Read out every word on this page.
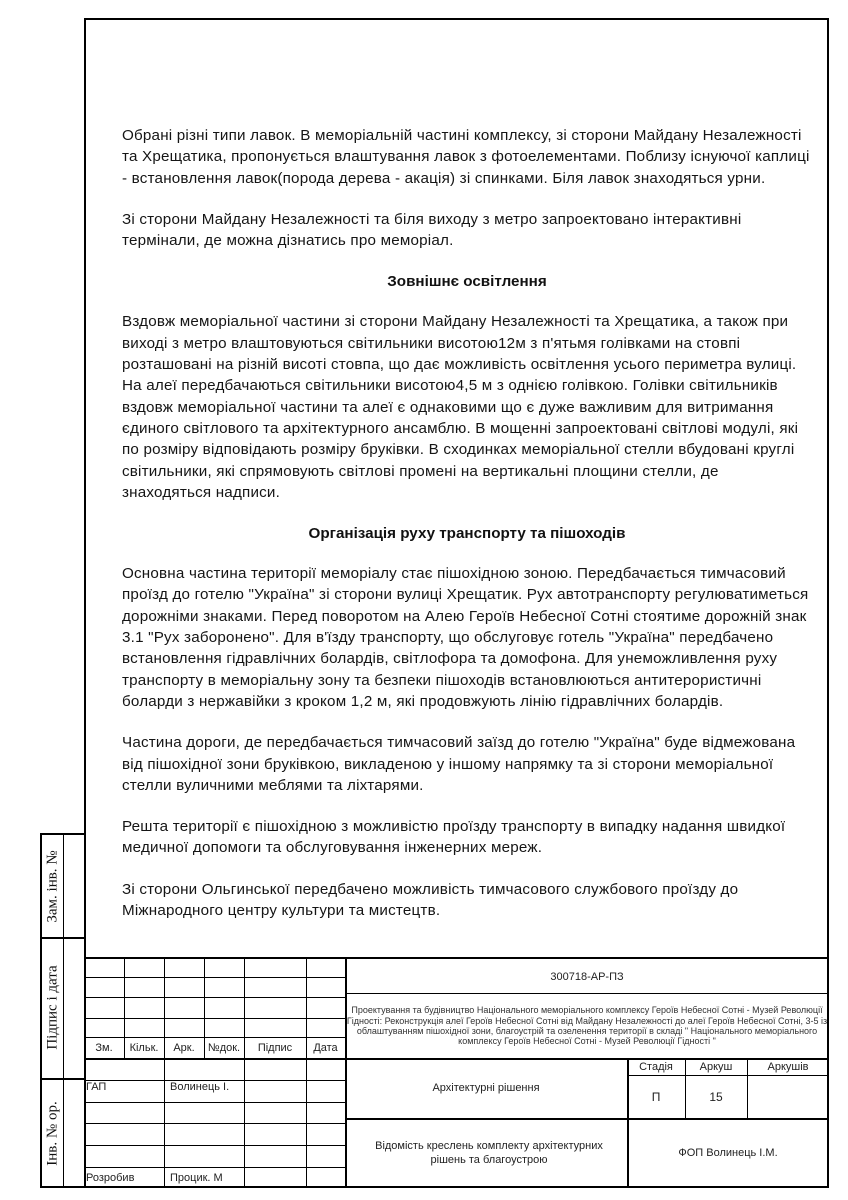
Обрані різні типи лавок. В меморіальній частині комплексу, зі сторони Майдану Незалежності та Хрещатика, пропонується влаштування лавок з фотоелементами. Поблизу існуючої каплиці - встановлення лавок(порода дерева - акація) зі спинками. Біля лавок знаходяться урни.

Зі сторони Майдану Незалежності та біля виходу з метро запроектовано інтерактивні термінали, де можна дізнатись про меморіал.

Зовнішнє освітлення

Вздовж меморіальної частини зі сторони Майдану Незалежності та Хрещатика, а також при виході з метро влаштовуються світильники висотою12м з п'ятьмя голівками на стовпі розташовані на різній висоті стовпа, що дає можливість освітлення усього периметра вулиці. На алеї передбачаються світильники висотою4,5 м з однією голівкою. Голівки світильників вздовж меморіальної частини та алеї є однаковими що є дуже важливим для витримання єдиного світлового та архітектурного ансамблю. В мощенні запроектовані світлові модулі, які по розміру відповідають розміру бруківки. В сходинках меморіальної стелли вбудовані круглі світильники, які спрямовують світлові промені на вертикальні площини стелли, де знаходяться надписи.

Організація руху транспорту та пішоходів

Основна частина території меморіалу стає пішохідною зоною. Передбачається тимчасовий проїзд до готелю "Україна" зі сторони вулиці Хрещатик. Рух автотранспорту регулюватиметься дорожніми знаками. Перед поворотом на Алею Героїв Небесної Сотні стоятиме дорожній знак 3.1 "Рух заборонено". Для в'їзду транспорту, що обслуговує готель "Україна" передбачено встановлення гідравлічних болардів, світлофора та домофона. Для унеможливлення руху транспорту в меморіальну зону та безпеки пішоходів встановлюються антитерористичні боларди з нержавійки з кроком 1,2 м, які продовжують лінію гідравлічних болардів.

Частина дороги, де передбачається тимчасовий заїзд до готелю "Україна" буде відмежована від пішохідної зони бруківкою, викладеною у іншому напрямку та зі сторони меморіальної стелли вуличними меблями та ліхтарями.

Решта території є пішохідною з можливістю проїзду транспорту в випадку надання швидкої медичної допомоги та обслуговування інженерних мереж.

Зі сторони Ольгинської передбачено можливість тимчасового службового проїзду до Міжнародного центру культури та мистецтв.

Зам. інв. №
Підпис і дата
Інв. № ор.
Зм.	Кільк.	Арк.	№док.	Підпис	Дата
ГАП	Волинець І.
Розробив	Процик. М
300718-АР-ПЗ
Проектування та будівництво Національного меморіального комплексу Героїв Небесної Сотні - Музей Революції Гідності: Реконструкція алеї Героїв Небесної Сотні від Майдану Незалежності до алеї Героїв Небесної Сотні, 3-5 із облаштуванням пішохідної зони, благоустрій та озеленення території в складі " Національного меморіального комплексу Героїв Небесної Сотні - Музей Революції Гідності "
Архітектурні рішення
Стадія	Аркуш	Аркушів
П	15
Відомість креслень комплекту архітектурних рішень та благоустрою
ФОП Волинець І.М.
